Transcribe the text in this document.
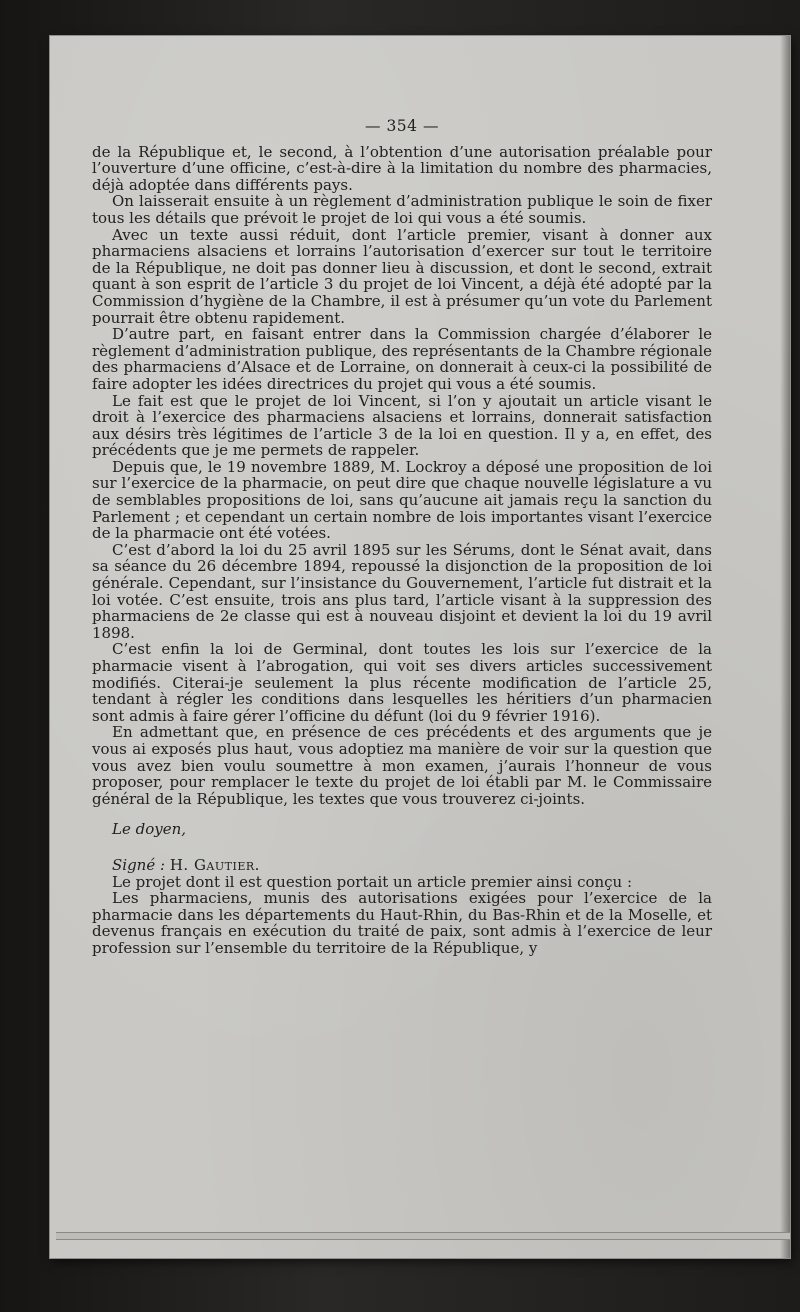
— 354 —

de la République et, le second, à l’obtention d’une autorisation préalable pour l’ouverture d’une officine, c’est-à-dire à la limitation du nombre des pharmacies, déjà adoptée dans différents pays.

On laisserait ensuite à un règlement d’administration publique le soin de fixer tous les détails que prévoit le projet de loi qui vous a été soumis.

Avec un texte aussi réduit, dont l’article premier, visant à donner aux pharmaciens alsaciens et lorrains l’autorisation d’exercer sur tout le territoire de la République, ne doit pas donner lieu à discussion, et dont le second, extrait quant à son esprit de l’article 3 du projet de loi Vincent, a déjà été adopté par la Commission d’hygiène de la Chambre, il est à présumer qu’un vote du Parlement pourrait être obtenu rapidement.

D’autre part, en faisant entrer dans la Commission chargée d’élaborer le règlement d’administration publique, des représentants de la Chambre régionale des pharmaciens d’Alsace et de Lorraine, on donnerait à ceux-ci la possibilité de faire adopter les idées directrices du projet qui vous a été soumis.

Le fait est que le projet de loi Vincent, si l’on y ajoutait un article visant le droit à l’exercice des pharmaciens alsaciens et lorrains, donnerait satisfaction aux désirs très légitimes de l’article 3 de la loi en question. Il y a, en effet, des précédents que je me permets de rappeler.

Depuis que, le 19 novembre 1889, M. Lockroy a déposé une proposition de loi sur l’exercice de la pharmacie, on peut dire que chaque nouvelle législature a vu de semblables propositions de loi, sans qu’aucune ait jamais reçu la sanction du Parlement ; et cependant un certain nombre de lois importantes visant l’exercice de la pharmacie ont été votées.

C’est d’abord la loi du 25 avril 1895 sur les Sérums, dont le Sénat avait, dans sa séance du 26 décembre 1894, repoussé la disjonction de la proposition de loi générale. Cependant, sur l’insistance du Gouvernement, l’article fut distrait et la loi votée. C’est ensuite, trois ans plus tard, l’article visant à la suppression des pharmaciens de 2e classe qui est à nouveau disjoint et devient la loi du 19 avril 1898.

C’est enfin la loi de Germinal, dont toutes les lois sur l’exercice de la pharmacie visent à l’abrogation, qui voit ses divers articles successivement modifiés. Citerai-je seulement la plus récente modification de l’article 25, tendant à régler les conditions dans lesquelles les héritiers d’un pharmacien sont admis à faire gérer l’officine du défunt (loi du 9 février 1916).

En admettant que, en présence de ces précédents et des arguments que je vous ai exposés plus haut, vous adoptiez ma manière de voir sur la question que vous avez bien voulu soumettre à mon examen, j’aurais l’honneur de vous proposer, pour remplacer le texte du projet de loi établi par M. le Commissaire général de la République, les textes que vous trouverez ci-joints.

Le doyen,

Signé : H. Gautier.

Le projet dont il est question portait un article premier ainsi conçu :

Les pharmaciens, munis des autorisations exigées pour l’exercice de la pharmacie dans les départements du Haut-Rhin, du Bas-Rhin et de la Moselle, et devenus français en exécution du traité de paix, sont admis à l’exercice de leur profession sur l’ensemble du territoire de la République, y
